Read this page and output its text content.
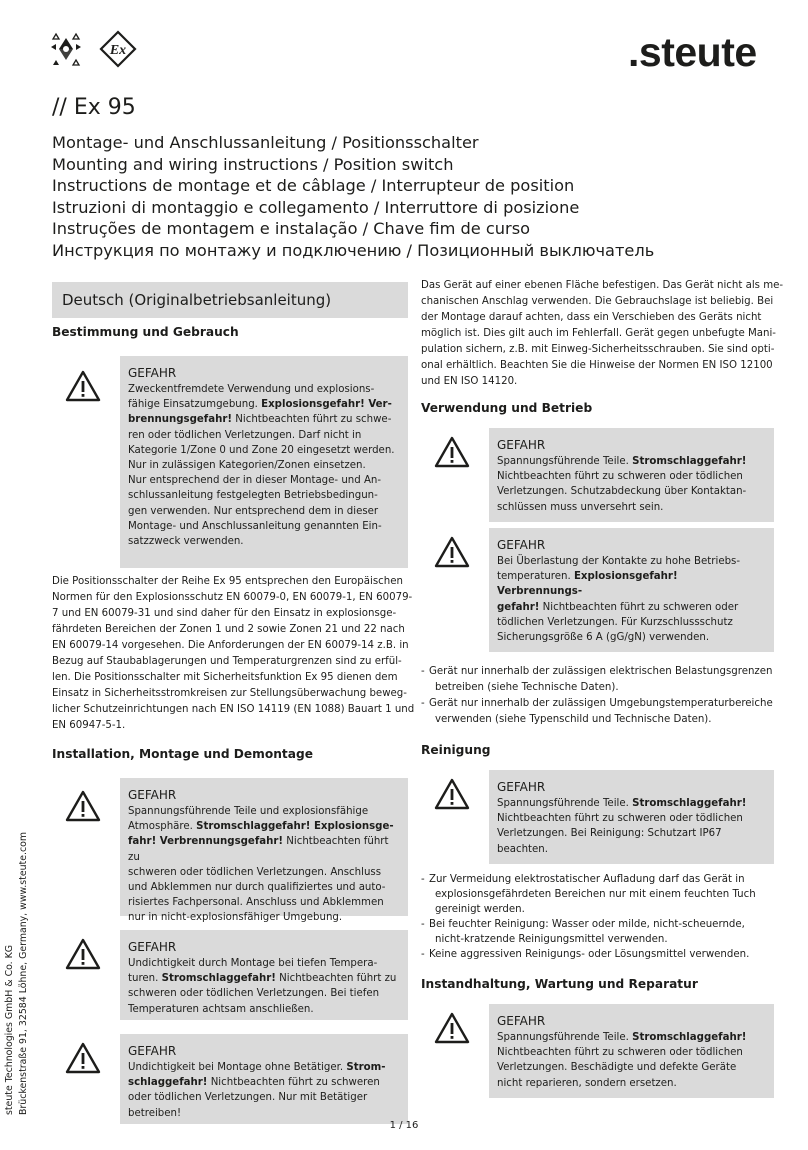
Ex	.steute
// Ex 95
Montage- und Anschlussanleitung / Positionsschalter
Mounting and wiring instructions / Position switch
Instructions de montage et de câblage / Interrupteur de position
Istruzioni di montaggio e collegamento / Interruttore di posizione
Instruções de montagem e instalação / Chave fim de curso
Инструкция по монтажу и подключению / Позиционный выключатель
Deutsch (Originalbetriebsanleitung)
Bestimmung und Gebrauch
GEFAHR
Zweckentfremdete Verwendung und explosions-
fähige Einsatzumgebung. Explosionsgefahr! Ver-
brennungsgefahr! Nichtbeachten führt zu schwe-
ren oder tödlichen Verletzungen. Darf nicht in
Kategorie 1/Zone 0 und Zone 20 eingesetzt werden.
Nur in zulässigen Kategorien/Zonen einsetzen.
Nur entsprechend der in dieser Montage- und An-
schlussanleitung festgelegten Betriebsbedingun-
gen verwenden. Nur entsprechend dem in dieser
Montage- und Anschlussanleitung genannten Ein-
satzzweck verwenden.
Die Positionsschalter der Reihe Ex 95 entsprechen den Europäischen
Normen für den Explosionsschutz EN 60079-0, EN 60079-1, EN 60079-
7 und EN 60079-31 und sind daher für den Einsatz in explosionsge-
fährdeten Bereichen der Zonen 1 und 2 sowie Zonen 21 und 22 nach
EN 60079-14 vorgesehen. Die Anforderungen der EN 60079-14 z.B. in
Bezug auf Staubablagerungen und Temperaturgrenzen sind zu erfül-
len. Die Positionsschalter mit Sicherheitsfunktion Ex 95 dienen dem
Einsatz in Sicherheitsstromkreisen zur Stellungsüberwachung beweg-
licher Schutzeinrichtungen nach EN ISO 14119 (EN 1088) Bauart 1 und
EN 60947-5-1.
Installation, Montage und Demontage
GEFAHR
Spannungsführende Teile und explosionsfähige
Atmosphäre. Stromschlaggefahr! Explosionsge-
fahr! Verbrennungsgefahr! Nichtbeachten führt zu
schweren oder tödlichen Verletzungen. Anschluss
und Abklemmen nur durch qualifiziertes und auto-
risiertes Fachpersonal. Anschluss und Abklemmen
nur in nicht-explosionsfähiger Umgebung.
GEFAHR
Undichtigkeit durch Montage bei tiefen Tempera-
turen. Stromschlaggefahr! Nichtbeachten führt zu
schweren oder tödlichen Verletzungen. Bei tiefen
Temperaturen achtsam anschließen.
GEFAHR
Undichtigkeit bei Montage ohne Betätiger. Strom-
schlaggefahr! Nichtbeachten führt zu schweren
oder tödlichen Verletzungen. Nur mit Betätiger
betreiben!
Das Gerät auf einer ebenen Fläche befestigen. Das Gerät nicht als me-
chanischen Anschlag verwenden. Die Gebrauchslage ist beliebig. Bei
der Montage darauf achten, dass ein Verschieben des Geräts nicht
möglich ist. Dies gilt auch im Fehlerfall. Gerät gegen unbefugte Mani-
pulation sichern, z.B. mit Einweg-Sicherheitsschrauben. Sie sind opti-
onal erhältlich. Beachten Sie die Hinweise der Normen EN ISO 12100
und EN ISO 14120.
Verwendung und Betrieb
GEFAHR
Spannungsführende Teile. Stromschlaggefahr!
Nichtbeachten führt zu schweren oder tödlichen
Verletzungen. Schutzabdeckung über Kontaktan-
schlüssen muss unversehrt sein.
GEFAHR
Bei Überlastung der Kontakte zu hohe Betriebs-
temperaturen. Explosionsgefahr! Verbrennungs-
gefahr! Nichtbeachten führt zu schweren oder
tödlichen Verletzungen. Für Kurzschlussschutz
Sicherungsgröße 6 A (gG/gN) verwenden.
- Gerät nur innerhalb der zulässigen elektrischen Belastungsgrenzen
betreiben (siehe Technische Daten).
- Gerät nur innerhalb der zulässigen Umgebungstemperaturbereiche
verwenden (siehe Typenschild und Technische Daten).
Reinigung
GEFAHR
Spannungsführende Teile. Stromschlaggefahr!
Nichtbeachten führt zu schweren oder tödlichen
Verletzungen. Bei Reinigung: Schutzart IP67
beachten.
- Zur Vermeidung elektrostatischer Aufladung darf das Gerät in
explosionsgefährdeten Bereichen nur mit einem feuchten Tuch
gereinigt werden.
- Bei feuchter Reinigung: Wasser oder milde, nicht-scheuernde,
nicht-kratzende Reinigungsmittel verwenden.
- Keine aggressiven Reinigungs- oder Lösungsmittel verwenden.
Instandhaltung, Wartung und Reparatur
GEFAHR
Spannungsführende Teile. Stromschlaggefahr!
Nichtbeachten führt zu schweren oder tödlichen
Verletzungen. Beschädigte und defekte Geräte
nicht reparieren, sondern ersetzen.
steute Technologies GmbH & Co. KG Brückenstraße 91, 32584 Löhne, Germany, www.steute.com
1 / 16
